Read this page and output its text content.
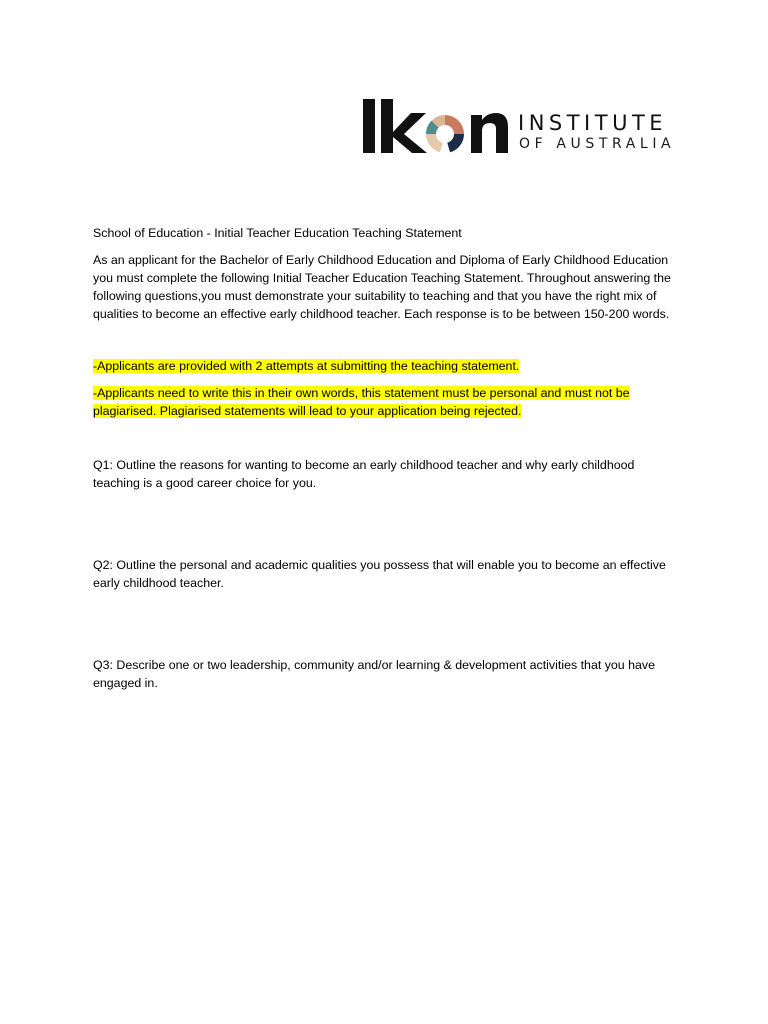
INSTITUTE
OF AUSTRALIA

School of Education - Initial Teacher Education Teaching Statement

As an applicant for the Bachelor of Early Childhood Education and Diploma of Early Childhood Education you must complete the following Initial Teacher Education Teaching Statement. Throughout answering the following questions,you must demonstrate your suitability to teaching and that you have the right mix of qualities to become an effective early childhood teacher. Each response is to be between 150-200 words.

-Applicants are provided with 2 attempts at submitting the teaching statement.

-Applicants need to write this in their own words, this statement must be personal and must not be plagiarised. Plagiarised statements will lead to your application being rejected.

Q1: Outline the reasons for wanting to become an early childhood teacher and why early childhood teaching is a good career choice for you.

Q2: Outline the personal and academic qualities you possess that will enable you to become an effective early childhood teacher.

Q3: Describe one or two leadership, community and/or learning & development activities that you have engaged in.
